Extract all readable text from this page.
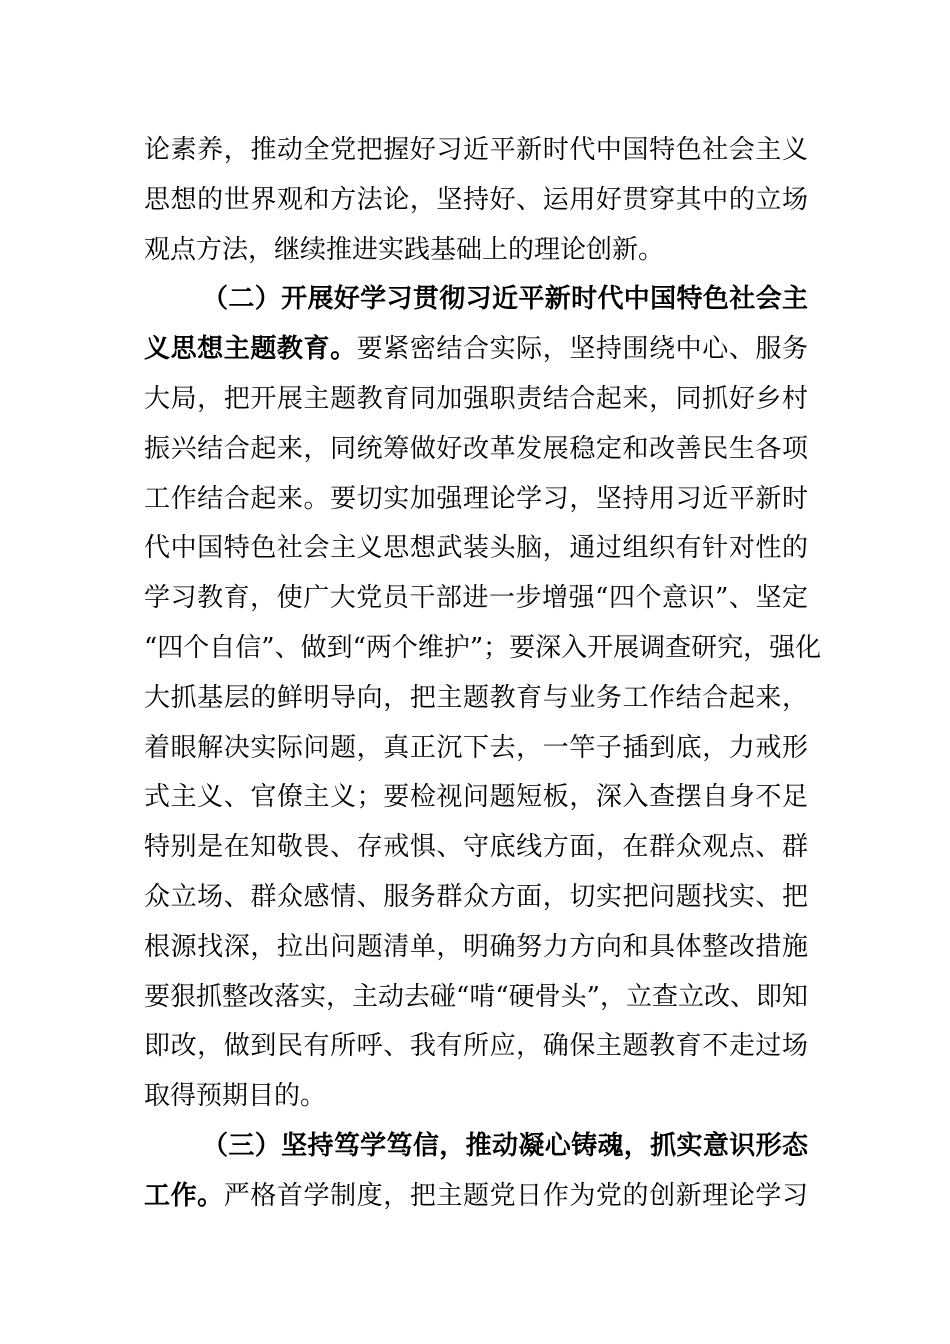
论素养，推动全党把握好习近平新时代中国特色社会主义
思想的世界观和方法论，坚持好、运用好贯穿其中的立场
观点方法，继续推进实践基础上的理论创新。
（二）开展好学习贯彻习近平新时代中国特色社会主
义思想主题教育。要紧密结合实际，坚持围绕中心、服务
大局，把开展主题教育同加强职责结合起来，同抓好乡村
振兴结合起来，同统筹做好改革发展稳定和改善民生各项
工作结合起来。要切实加强理论学习，坚持用习近平新时
代中国特色社会主义思想武装头脑，通过组织有针对性的
学习教育，使广大党员干部进一步增强“四个意识”、坚定
“四个自信”、做到“两个维护”；要深入开展调查研究，强化
大抓基层的鲜明导向，把主题教育与业务工作结合起来，
着眼解决实际问题，真正沉下去，一竿子插到底，力戒形
式主义、官僚主义；要检视问题短板，深入查摆自身不足
特别是在知敬畏、存戒惧、守底线方面，在群众观点、群
众立场、群众感情、服务群众方面，切实把问题找实、把
根源找深，拉出问题清单，明确努力方向和具体整改措施
要狠抓整改落实，主动去碰“啃“硬骨头”，立查立改、即知
即改，做到民有所呼、我有所应，确保主题教育不走过场
取得预期目的。
（三）坚持笃学笃信，推动凝心铸魂，抓实意识形态
工作。严格首学制度，把主题党日作为党的创新理论学习
